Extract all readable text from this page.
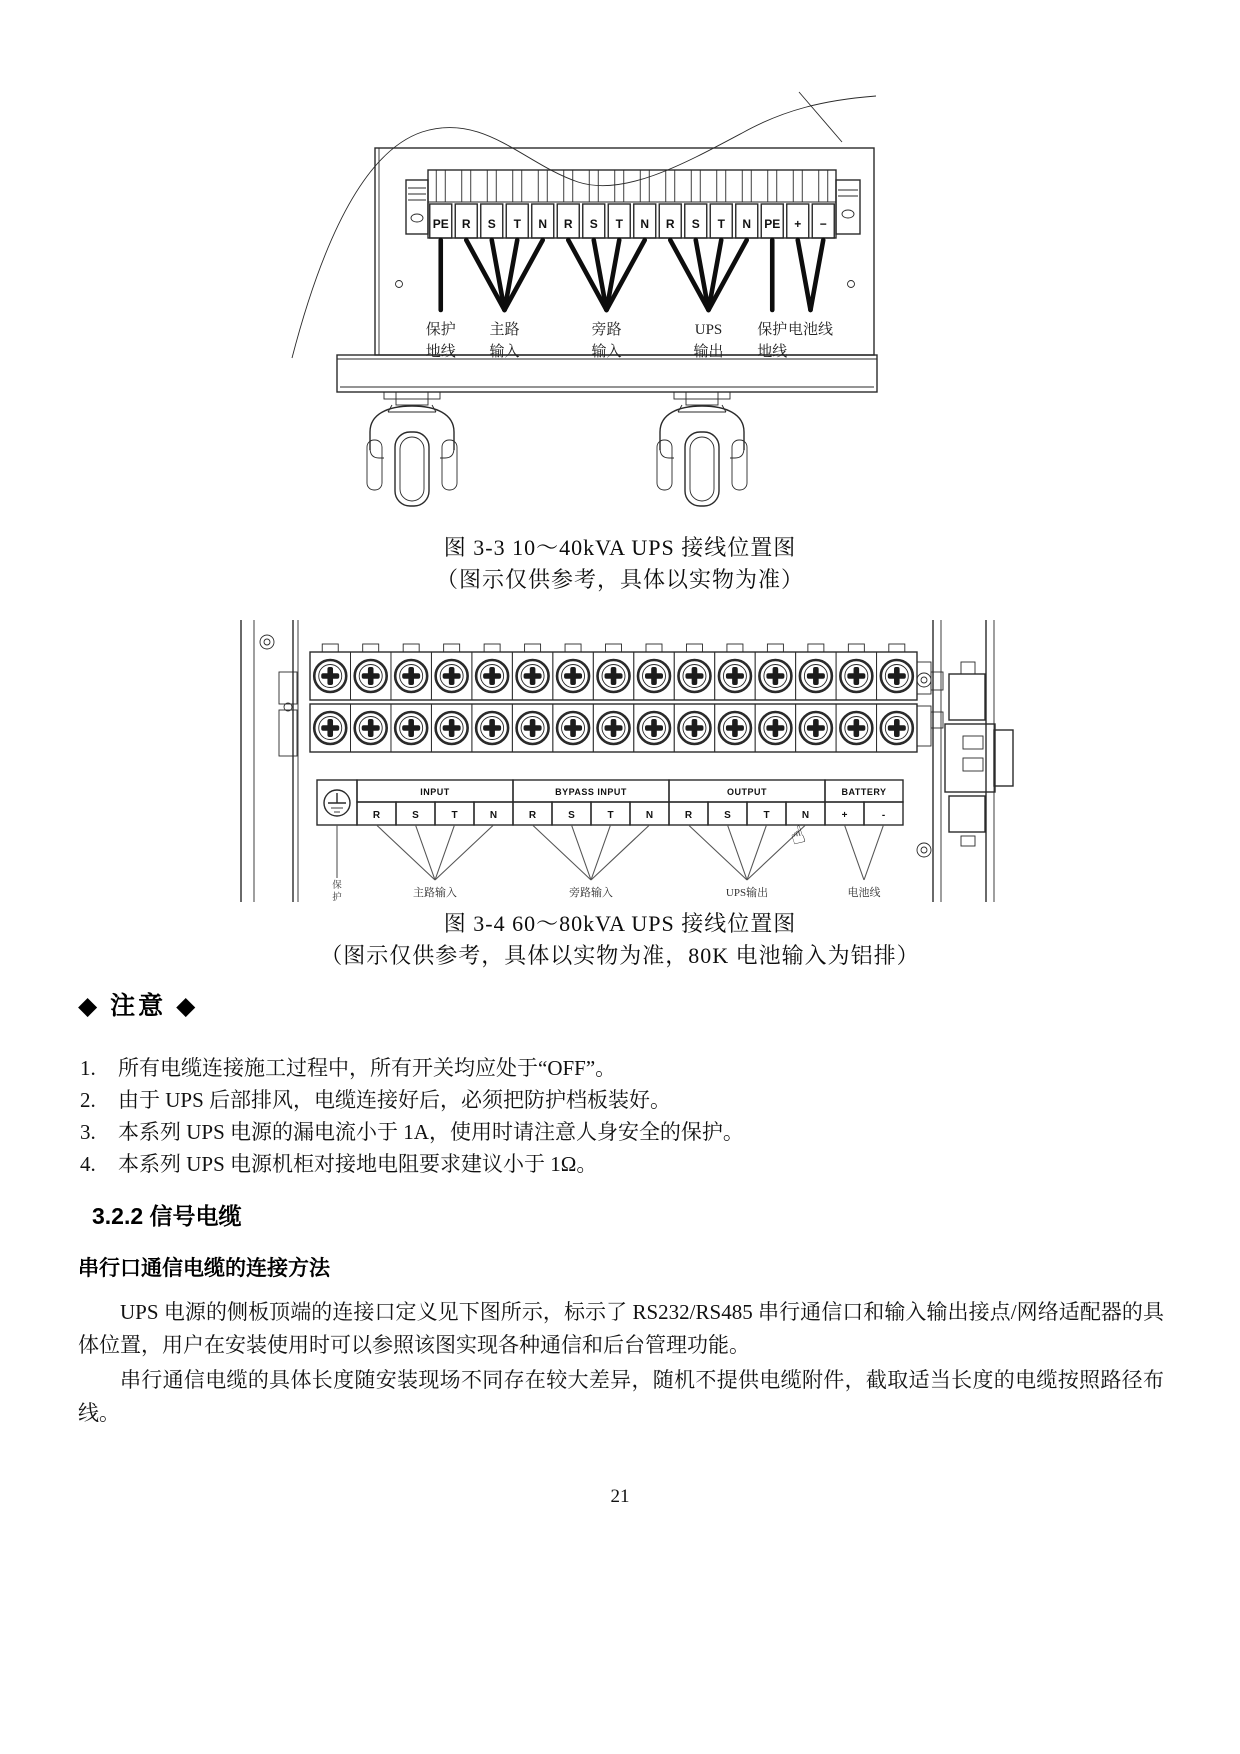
PE R S T N R S T N R S T N PE + −
保护
地线
主路
输入
旁路
输入
UPS
输出
保护
地线
电池线
图 3-3 10～40kVA UPS 接线位置图
（图示仅供参考，具体以实物为准）
INPUT
R	S	T	N
BYPASS INPUT
R	S	T	N
OUTPUT
R	S	T	N
BATTERY
+	-
主路输入	旁路输入	UPS输出	电池线
保
护
☝
图 3-4 60～80kVA UPS 接线位置图
（图示仅供参考，具体以实物为准，80K 电池输入为铝排）
◆ 注意 ◆
1.	所有电缆连接施工过程中，所有开关均应处于“OFF”。
2.	由于 UPS 后部排风，电缆连接好后，必须把防护档板装好。
3.	本系列 UPS 电源的漏电流小于 1A，使用时请注意人身安全的保护。
4.	本系列 UPS 电源机柜对接地电阻要求建议小于 1Ω。
3.2.2 信号电缆
串行口通信电缆的连接方法

UPS 电源的侧板顶端的连接口定义见下图所示，标示了 RS232/RS485 串行通信口和输入输出接点/网络适配器的具体位置，用户在安装使用时可以参照该图实现各种通信和后台管理功能。

串行通信电缆的具体长度随安装现场不同存在较大差异，随机不提供电缆附件，截取适当长度的电缆按照路径布线。

21
